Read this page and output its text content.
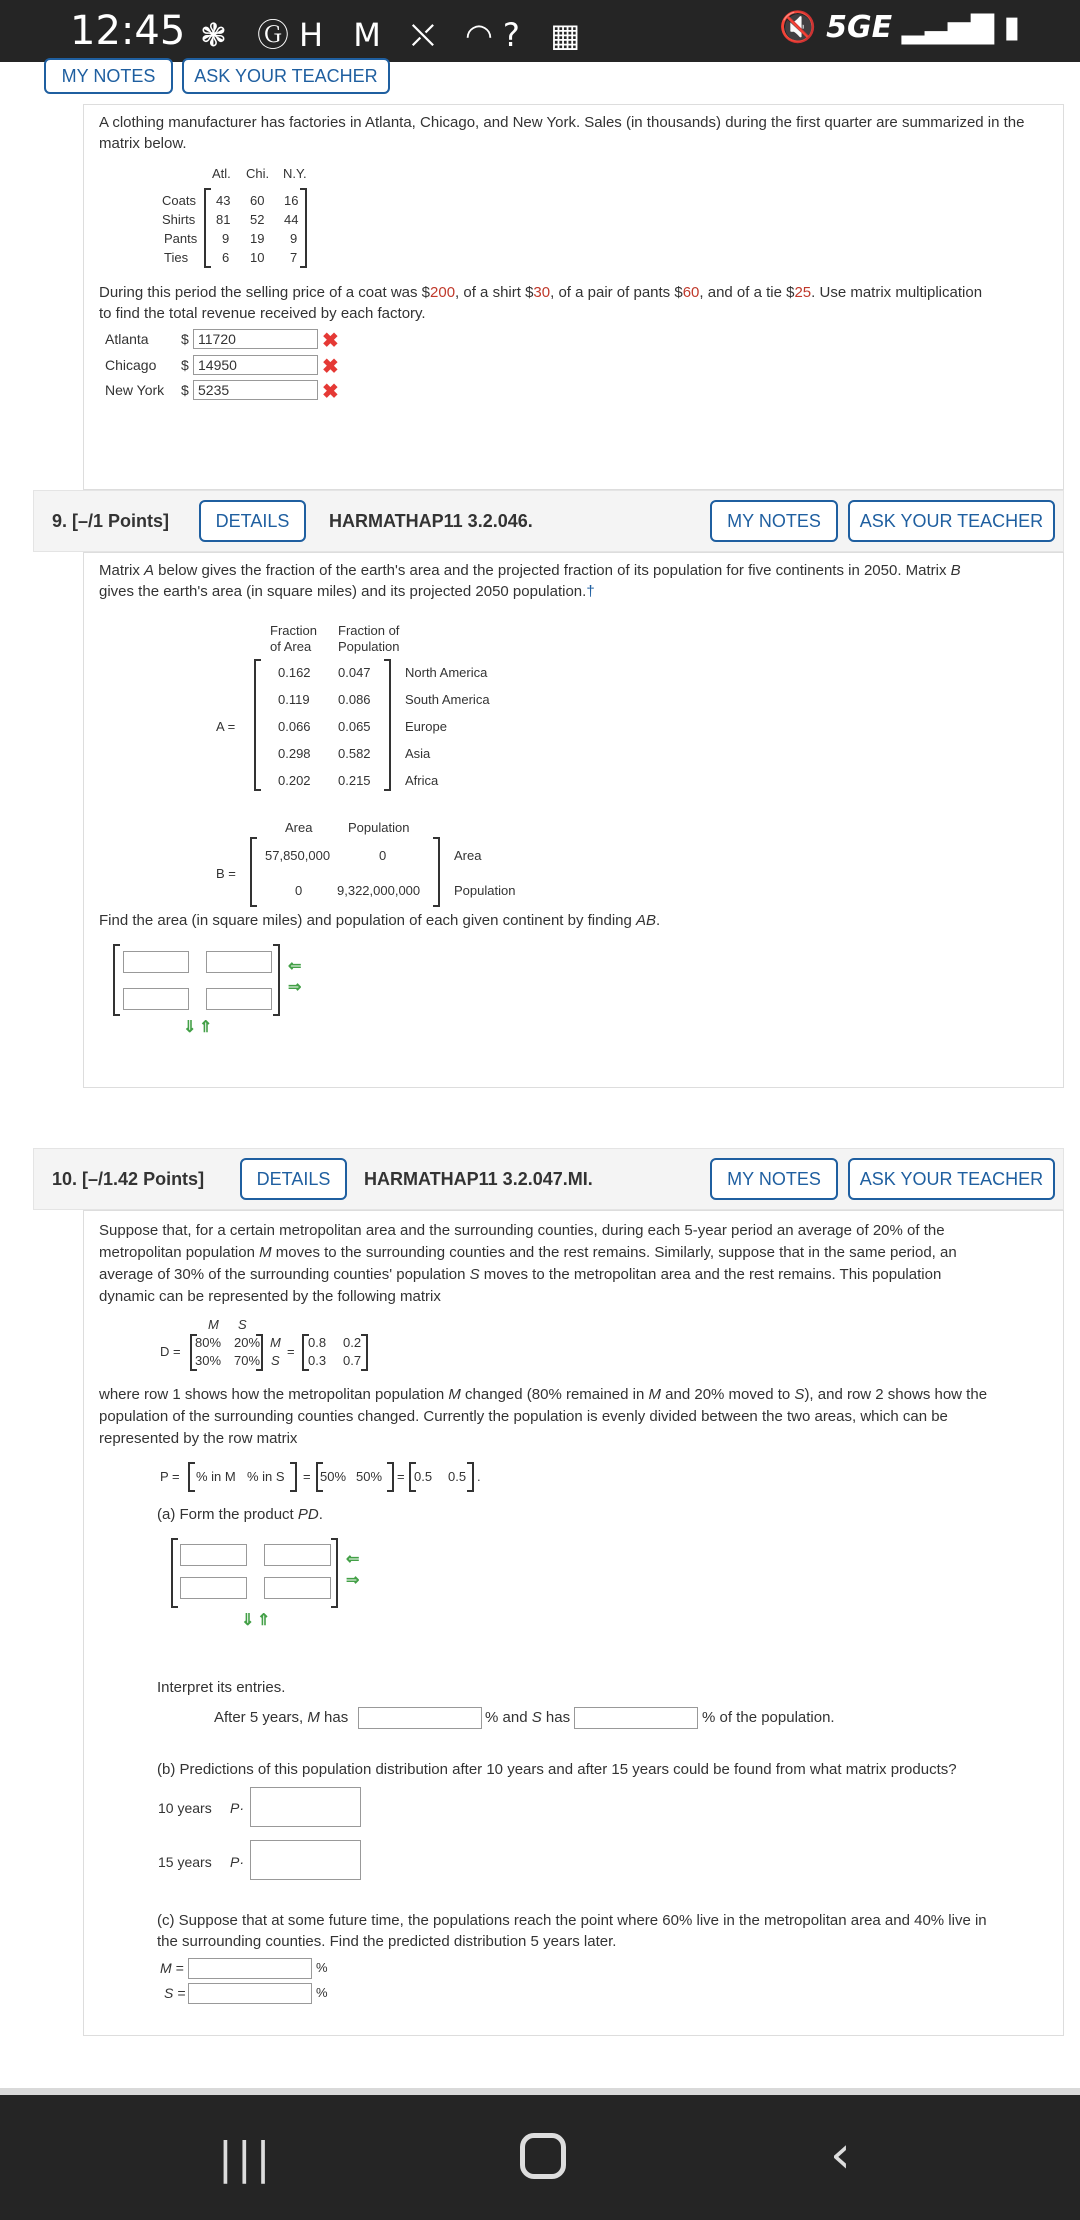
12:45 ❃ ⒼH M ⛌ ◠? ▦	🔇 5GE ▂▃▅▇ ▮
MY NOTES	ASK YOUR TEACHER
A clothing manufacturer has factories in Atlanta, Chicago, and New York. Sales (in thousands) during the first quarter are summarized in the matrix below.
Atl. Chi. N.Y.
Coats 43 60 16
Shirts 81 52 44
Pants 9 19 9
Ties	6 10 7
During this period the selling price of a coat was $200, of a shirt $30, of a pair of pants $60, and of a tie $25. Use matrix multiplication
to find the total revenue received by each factory.
Atlanta $ 11720	✖
Chicago $ 14950	✖
New York $ 5235	✖
9. [–/1 Points]	DETAILS	HARMATHAP11 3.2.046.	MY NOTES	ASK YOUR TEACHER
Matrix A below gives the fraction of the earth's area and the projected fraction of its population for five continents in 2050. Matrix B
gives the earth's area (in square miles) and its projected 2050 population.†
Fraction
of Area
Fraction of
Population
A =
0.162 0.047	North America
0.119 0.086	South America
0.066 0.065	Europe
0.298 0.582	Asia
0.202 0.215	Africa
Area	Population
B =
57,850,000	0	Area
0	9,322,000,000	Population
Find the area (in square miles) and population of each given continent by finding AB.
⇐
⇒
⇓ ⇑
10. [–/1.42 Points]	DETAILS	HARMATHAP11 3.2.047.MI.	MY NOTES	ASK YOUR TEACHER
Suppose that, for a certain metropolitan area and the surrounding counties, during each 5-year period an average of 20% of the
metropolitan population M moves to the surrounding counties and the rest remains. Similarly, suppose that in the same period, an
average of 30% of the surrounding counties' population S moves to the metropolitan area and the rest remains. This population
dynamic can be represented by the following matrix
M S
D =
80% 20%
30% 70%
M
S
=
0.8 0.2
0.3 0.7
where row 1 shows how the metropolitan population M changed (80% remained in M and 20% moved to S), and row 2 shows how the
population of the surrounding counties changed. Currently the population is evenly divided between the two areas, which can be
represented by the row matrix
P = % in M % in S = 50% 50% = 0.5 0.5 .
(a) Form the product PD.
⇐
⇒
⇓ ⇑
Interpret its entries.
After 5 years, M has	% and S has	% of the population.
(b) Predictions of this population distribution after 10 years and after 15 years could be found from what matrix products?
10 years P·
15 years P·
(c) Suppose that at some future time, the populations reach the point where 60% live in the metropolitan area and 40% live in
the surrounding counties. Find the predicted distribution 5 years later.
M =	%
S =	%
|||	‹
